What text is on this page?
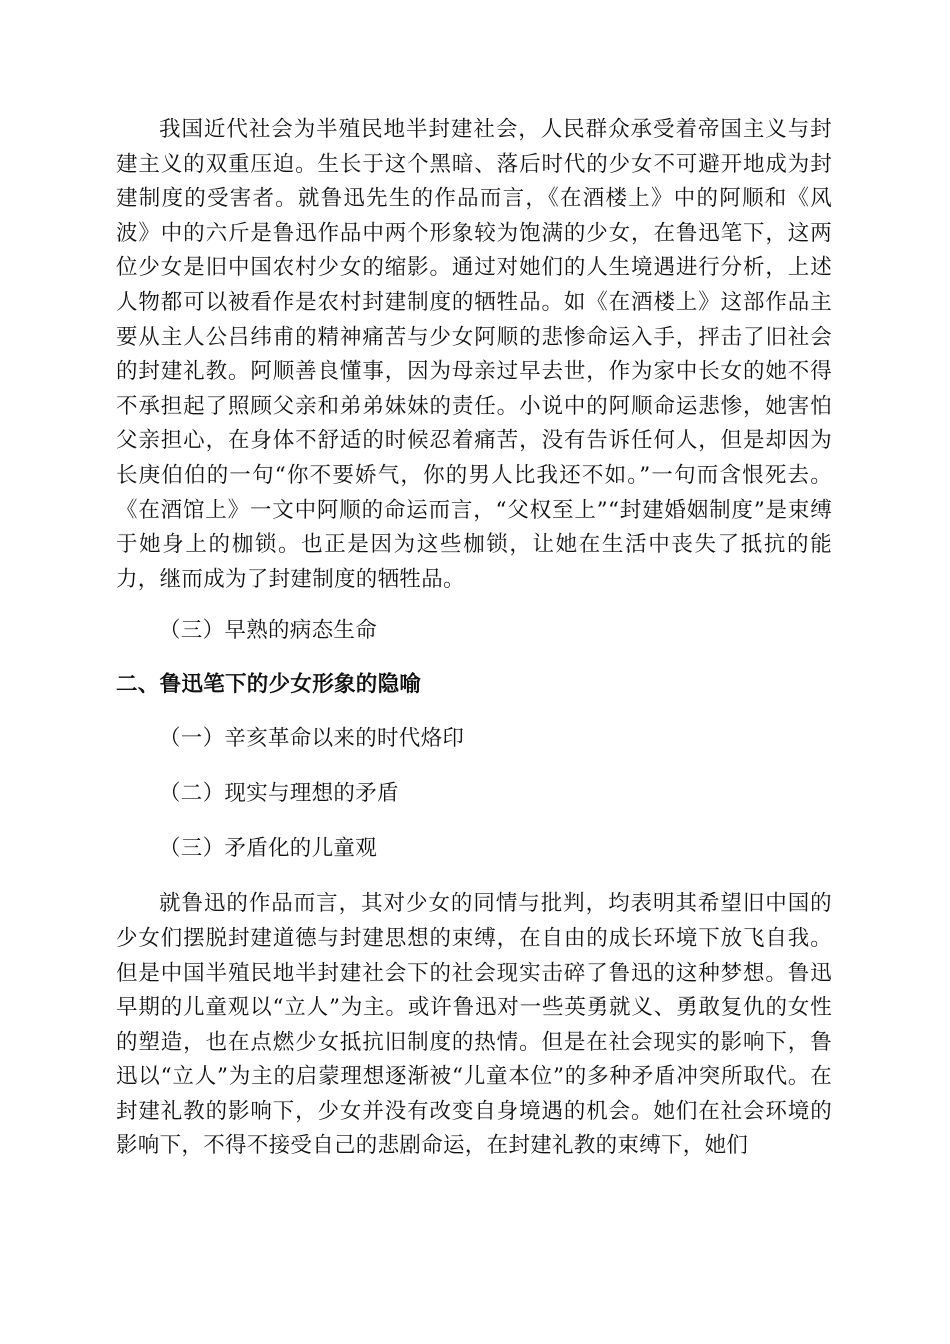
我国近代社会为半殖民地半封建社会，人民群众承受着帝国主义与封建主义的双重压迫。生长于这个黑暗、落后时代的少女不可避开地成为封建制度的受害者。就鲁迅先生的作品而言，《在酒楼上》中的阿顺和《风波》中的六斤是鲁迅作品中两个形象较为饱满的少女，在鲁迅笔下，这两位少女是旧中国农村少女的缩影。通过对她们的人生境遇进行分析，上述人物都可以被看作是农村封建制度的牺牲品。如《在酒楼上》这部作品主要从主人公吕纬甫的精神痛苦与少女阿顺的悲惨命运入手，抨击了旧社会的封建礼教。阿顺善良懂事，因为母亲过早去世，作为家中长女的她不得不承担起了照顾父亲和弟弟妹妹的责任。小说中的阿顺命运悲惨，她害怕父亲担心，在身体不舒适的时候忍着痛苦，没有告诉任何人，但是却因为长庚伯伯的一句“你不要娇气，你的男人比我还不如。”一句而含恨死去。《在酒馆上》一文中阿顺的命运而言，“父权至上”“封建婚姻制度”是束缚于她身上的枷锁。也正是因为这些枷锁，让她在生活中丧失了抵抗的能力，继而成为了封建制度的牺牲品。

（三）早熟的病态生命

二、鲁迅笔下的少女形象的隐喻

（一）辛亥革命以来的时代烙印

（二）现实与理想的矛盾

（三）矛盾化的儿童观

就鲁迅的作品而言，其对少女的同情与批判，均表明其希望旧中国的少女们摆脱封建道德与封建思想的束缚，在自由的成长环境下放飞自我。但是中国半殖民地半封建社会下的社会现实击碎了鲁迅的这种梦想。鲁迅早期的儿童观以“立人”为主。或许鲁迅对一些英勇就义、勇敢复仇的女性的塑造，也在点燃少女抵抗旧制度的热情。但是在社会现实的影响下，鲁迅以“立人”为主的启蒙理想逐渐被“儿童本位”的多种矛盾冲突所取代。在封建礼教的影响下，少女并没有改变自身境遇的机会。她们在社会环境的影响下，不得不接受自己的悲剧命运，在封建礼教的束缚下，她们
